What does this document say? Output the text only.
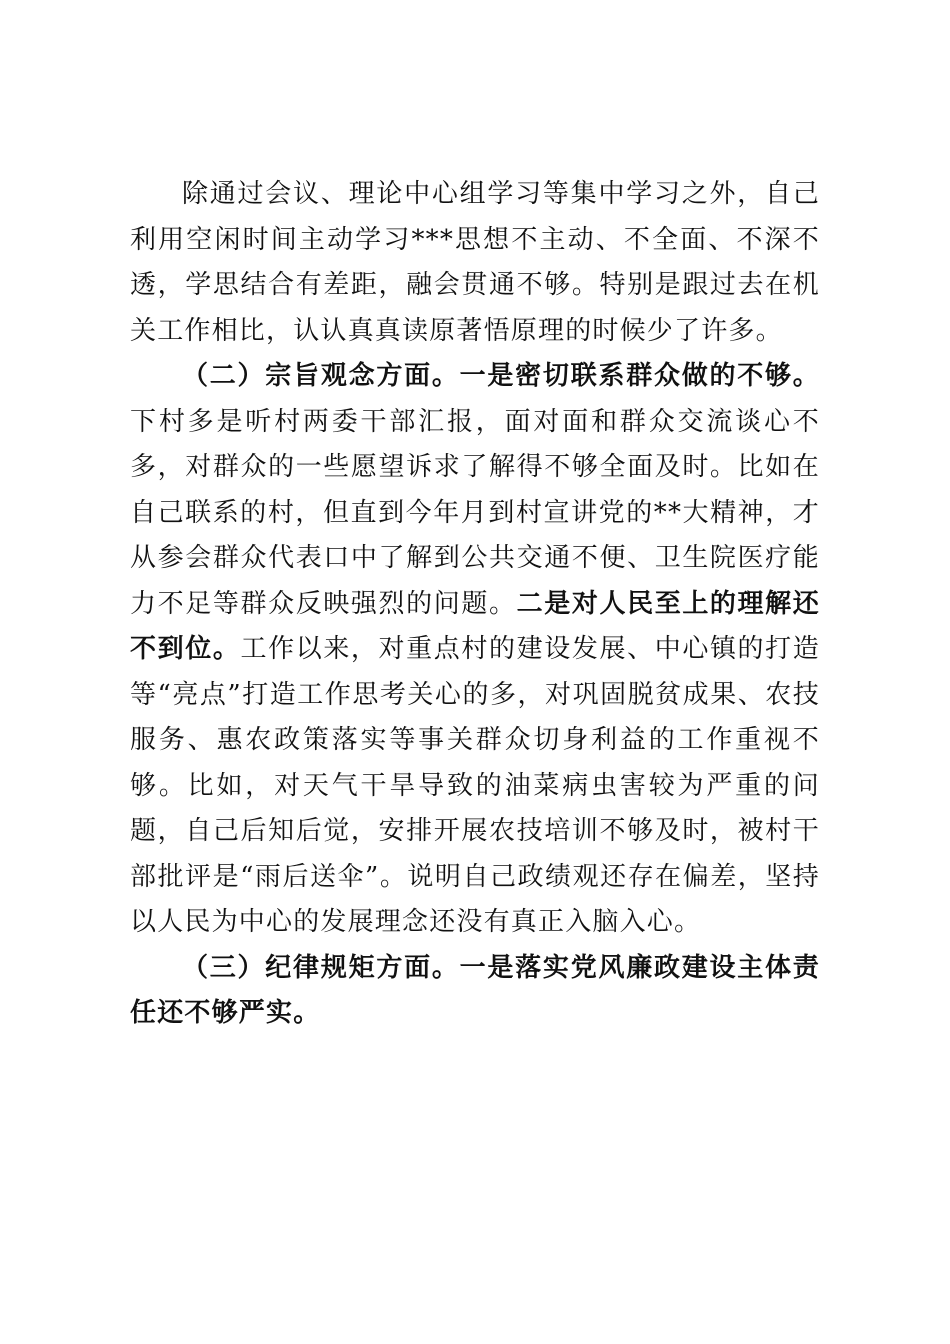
除通过会议、理论中心组学习等集中学习之外，自己利用空闲时间主动学习***思想不主动、不全面、不深不透，学思结合有差距，融会贯通不够。特别是跟过去在机关工作相比，认认真真读原著悟原理的时候少了许多。

（二）宗旨观念方面。一是密切联系群众做的不够。下村多是听村两委干部汇报，面对面和群众交流谈心不多，对群众的一些愿望诉求了解得不够全面及时。比如在自己联系的村，但直到今年月到村宣讲党的**大精神，才从参会群众代表口中了解到公共交通不便、卫生院医疗能力不足等群众反映强烈的问题。二是对人民至上的理解还不到位。工作以来，对重点村的建设发展、中心镇的打造等“亮点”打造工作思考关心的多，对巩固脱贫成果、农技服务、惠农政策落实等事关群众切身利益的工作重视不够。比如，对天气干旱导致的油菜病虫害较为严重的问题，自己后知后觉，安排开展农技培训不够及时，被村干部批评是“雨后送伞”。说明自己政绩观还存在偏差，坚持以人民为中心的发展理念还没有真正入脑入心。

（三）纪律规矩方面。一是落实党风廉政建设主体责任还不够严实。
